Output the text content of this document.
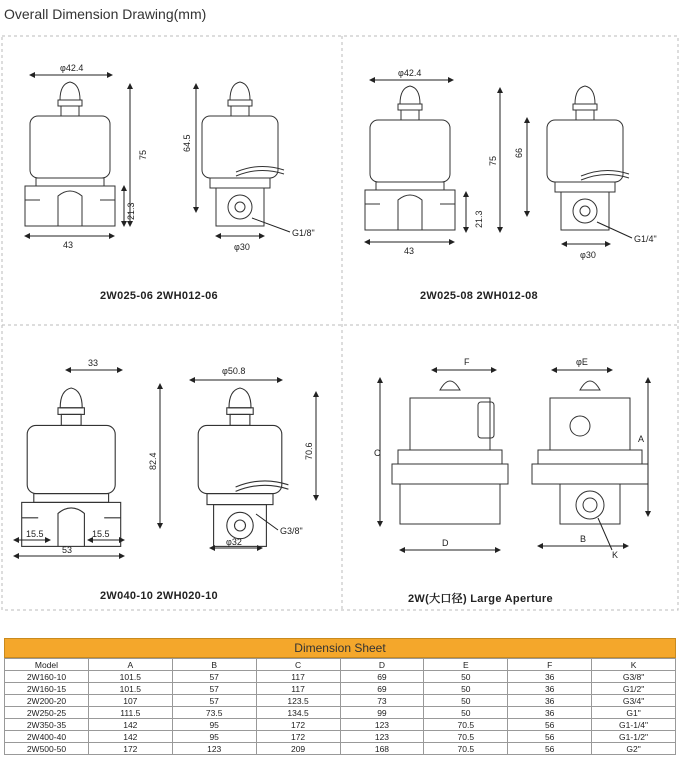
Overall Dimension Drawing(mm)
φ42.4
75
64.5
21.3
43	φ30
G1/8"
φ42.4
75
66
21.3
43	φ30
G1/4"
33
φ50.8
82.4
70.6
15.5	15.5
53
φ32
G3/8"
F	φE
C
A
D	B
K
2W025-06 2WH012-06	2W025-08 2WH012-08
2W040-10 2WH020-10	2W(大口径) Large Aperture
Dimension Sheet
Model	A	B	C	D	E	F	K
2W160-10	101.5	57	117	69	50	36	G3/8"
2W160-15	101.5	57	117	69	50	36	G1/2"
2W200-20	107	57	123.5	73	50	36	G3/4"
2W250-25	111.5	73.5	134.5	99	50	36	G1"
2W350-35	142	95	172	123	70.5	56	G1-1/4"
2W400-40	142	95	172	123	70.5	56	G1-1/2"
2W500-50	172	123	209	168	70.5	56	G2"
